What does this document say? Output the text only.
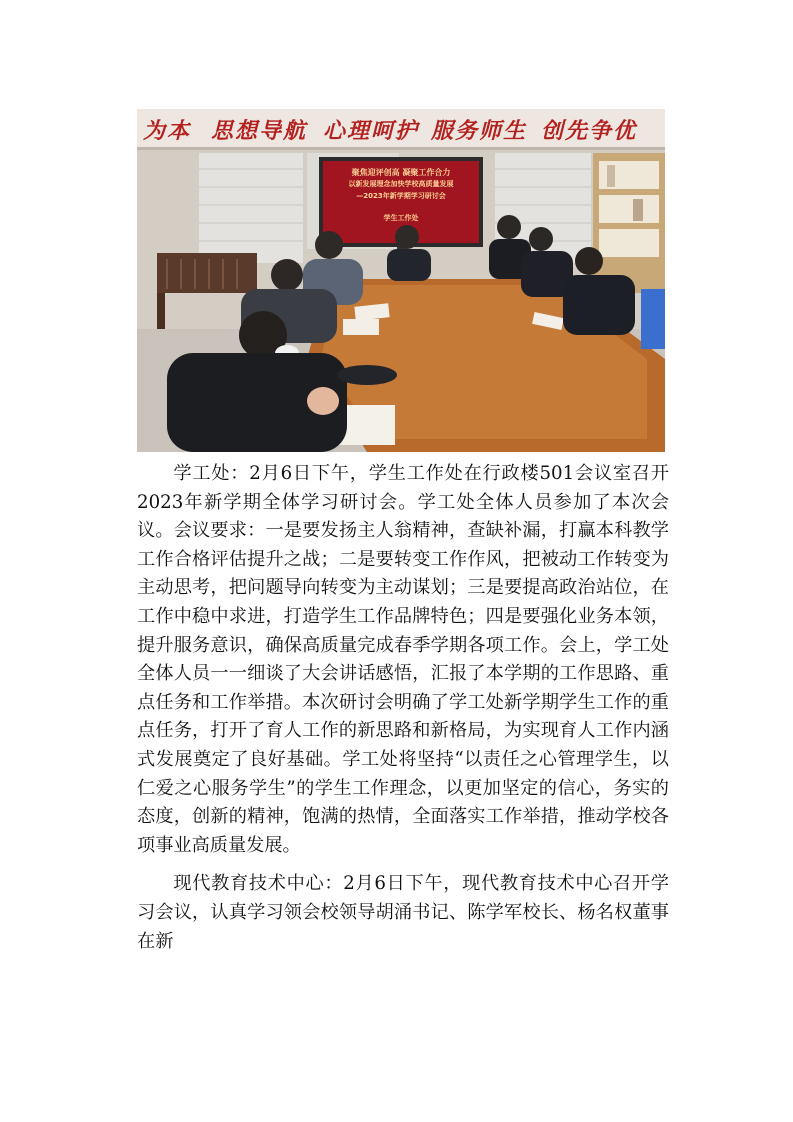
为本 思想导航 心理呵护 服务师生 创先争优
聚焦迎评创高 凝聚工作合力
以新发展理念加快学校高质量发展
—2023年新学期学习研讨会
学生工作处

学工处：2月6日下午，学生工作处在行政楼501会议室召开2023年新学期全体学习研讨会。学工处全体人员参加了本次会议。会议要求：一是要发扬主人翁精神，查缺补漏，打赢本科教学工作合格评估提升之战；二是要转变工作作风，把被动工作转变为主动思考，把问题导向转变为主动谋划；三是要提高政治站位，在工作中稳中求进，打造学生工作品牌特色；四是要强化业务本领，提升服务意识，确保高质量完成春季学期各项工作。会上，学工处全体人员一一细谈了大会讲话感悟，汇报了本学期的工作思路、重点任务和工作举措。本次研讨会明确了学工处新学期学生工作的重点任务，打开了育人工作的新思路和新格局，为实现育人工作内涵式发展奠定了良好基础。学工处将坚持“以责任之心管理学生，以仁爱之心服务学生”的学生工作理念，以更加坚定的信心，务实的态度，创新的精神，饱满的热情，全面落实工作举措，推动学校各项事业高质量发展。

现代教育技术中心：2月6日下午，现代教育技术中心召开学习会议，认真学习领会校领导胡涌书记、陈学军校长、杨名权董事在新
